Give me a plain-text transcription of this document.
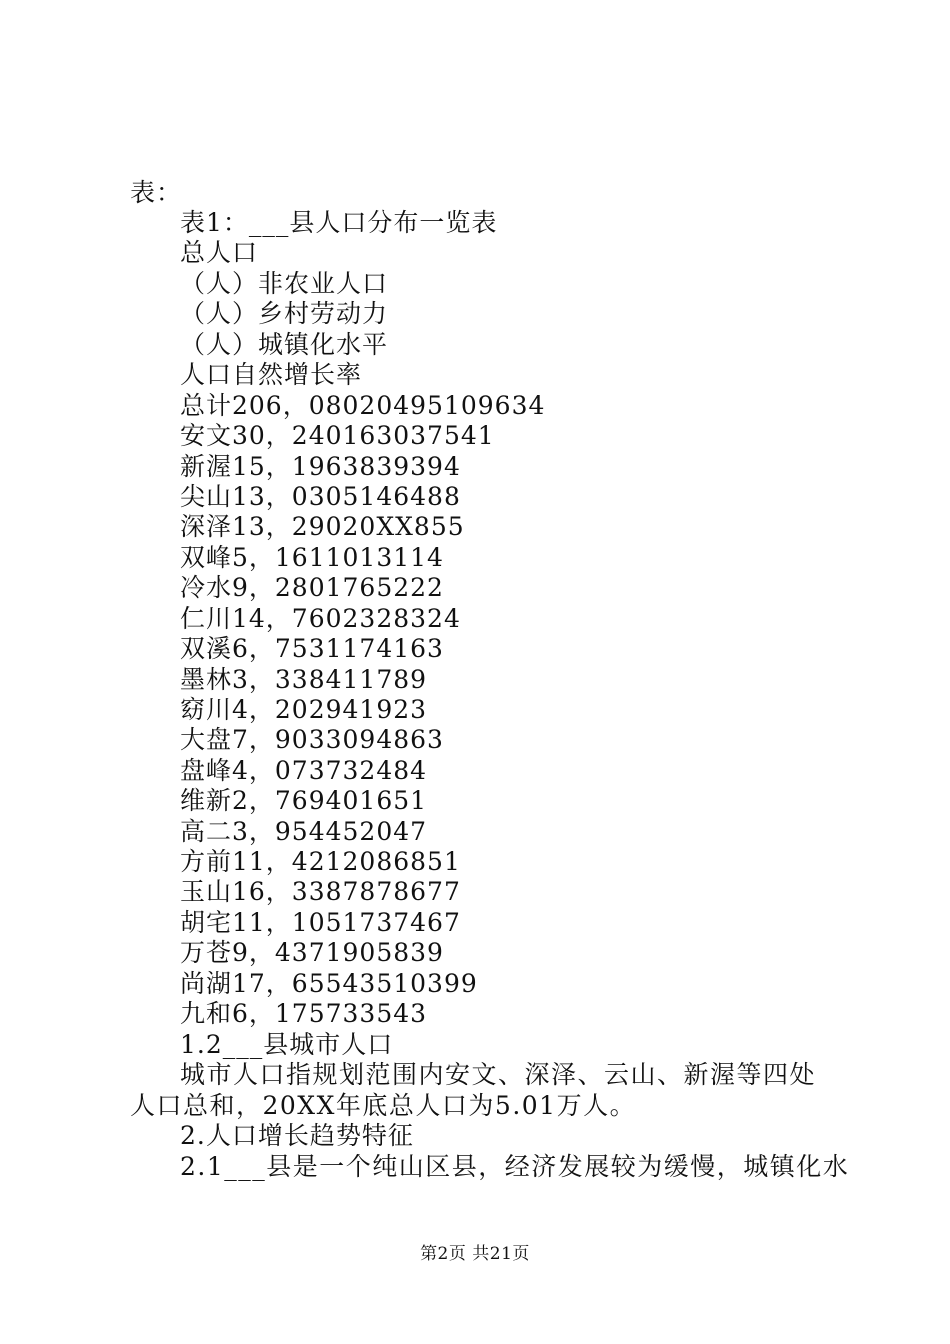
表：
表1：___县人口分布一览表
总人口
（人）非农业人口
（人）乡村劳动力
（人）城镇化水平
人口自然增长率
总计206，08020495109634
安文30，240163037541
新渥15，1963839394
尖山13，0305146488
深泽13，29020XX855
双峰5，1611013114
冷水9，2801765222
仁川14，7602328324
双溪6，7531174163
墨林3，338411789
窈川4，202941923
大盘7，9033094863
盘峰4，073732484
维新2，769401651
高二3，954452047
方前11，4212086851
玉山16，3387878677
胡宅11，1051737467
万苍9，4371905839
尚湖17，65543510399
九和6，175733543
1.2___县城市人口
城市人口指规划范围内安文、深泽、云山、新渥等四处人口总和，20XX年底总人口为5.01万人。
2.人口增长趋势特征
2.1___县是一个纯山区县，经济发展较为缓慢，城镇化水
第2页 共21页
